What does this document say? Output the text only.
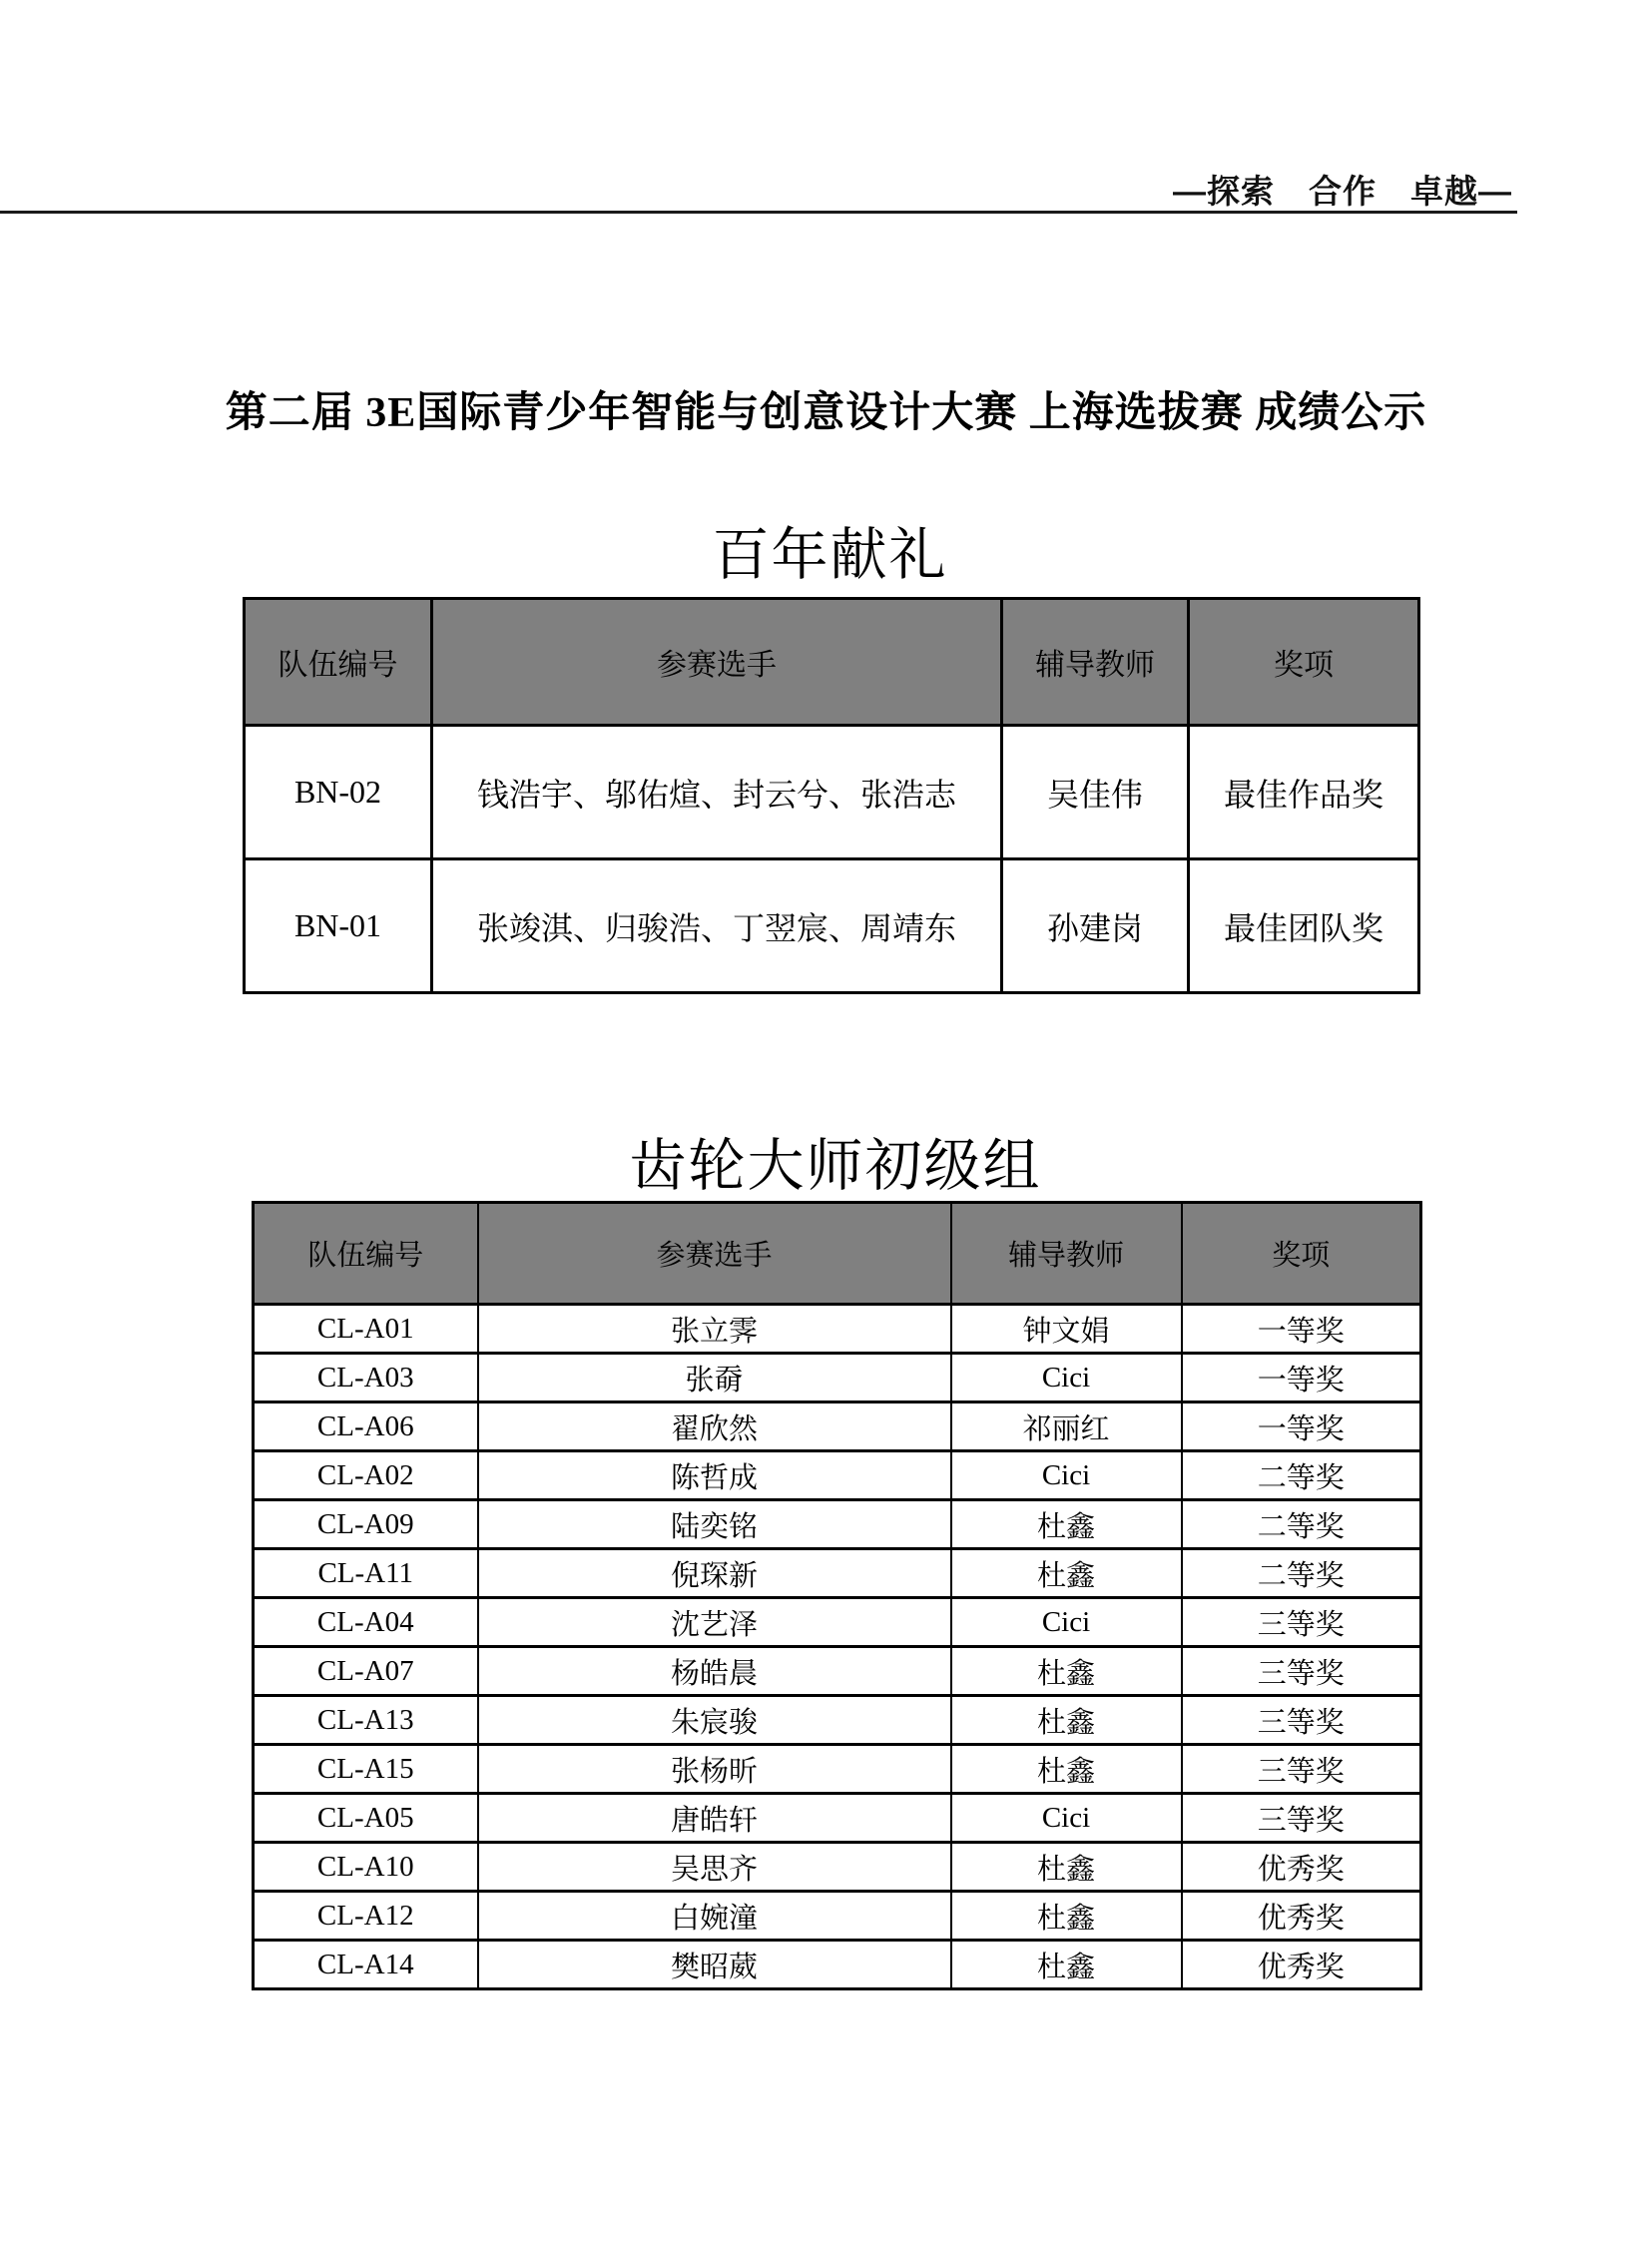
—探索　合作　卓越—
第二届 3E国际青少年智能与创意设计大赛 上海选拔赛 成绩公示
百年献礼
队伍编号	参赛选手	辅导教师	奖项
BN-02	钱浩宇、邬佑煊、封云兮、张浩志	吴佳伟	最佳作品奖
BN-01	张竣淇、归骏浩、丁翌宸、周靖东	孙建岗	最佳团队奖
齿轮大师初级组
队伍编号	参赛选手	辅导教师	奖项
CL-A01	张立霁	钟文娟	一等奖
CL-A03	张奣	Cici	一等奖
CL-A06	翟欣然	祁丽红	一等奖
CL-A02	陈哲成	Cici	二等奖
CL-A09	陆奕铭	杜鑫	二等奖
CL-A11	倪琛新	杜鑫	二等奖
CL-A04	沈艺泽	Cici	三等奖
CL-A07	杨皓晨	杜鑫	三等奖
CL-A13	朱宸骏	杜鑫	三等奖
CL-A15	张杨昕	杜鑫	三等奖
CL-A05	唐皓轩	Cici	三等奖
CL-A10	吴思齐	杜鑫	优秀奖
CL-A12	白婉潼	杜鑫	优秀奖
CL-A14	樊昭葳	杜鑫	优秀奖
